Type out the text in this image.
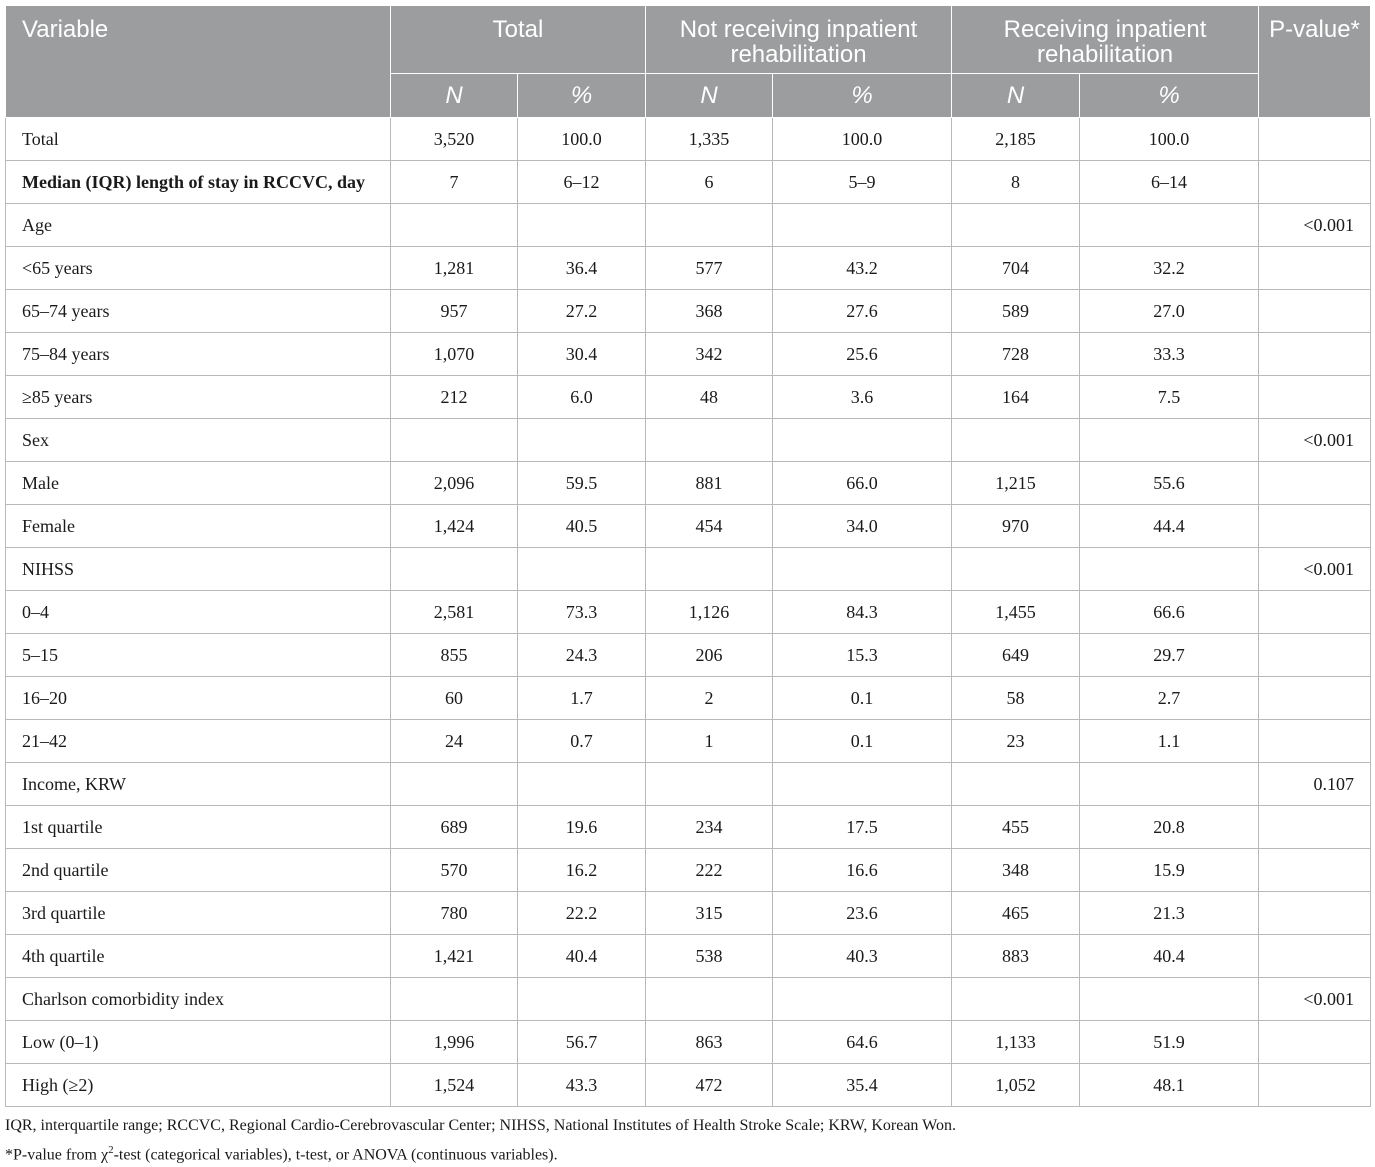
Variable	Total		Not receiving inpatient rehabilitation		Receiving inpatient rehabilitation		P-value*
	N	%	N	%	N	%	
Total	3,520	100.0	1,335	100.0	2,185	100.0	
Median (IQR) length of stay in RCCVC, day	7	6–12	6	5–9	8	6–14	
Age							<0.001
<65 years	1,281	36.4	577	43.2	704	32.2	
65–74 years	957	27.2	368	27.6	589	27.0	
75–84 years	1,070	30.4	342	25.6	728	33.3	
≥85 years	212	6.0	48	3.6	164	7.5	
Sex							<0.001
Male	2,096	59.5	881	66.0	1,215	55.6	
Female	1,424	40.5	454	34.0	970	44.4	
NIHSS							<0.001
0–4	2,581	73.3	1,126	84.3	1,455	66.6	
5–15	855	24.3	206	15.3	649	29.7	
16–20	60	1.7	2	0.1	58	2.7	
21–42	24	0.7	1	0.1	23	1.1	
Income, KRW							0.107
1st quartile	689	19.6	234	17.5	455	20.8	
2nd quartile	570	16.2	222	16.6	348	15.9	
3rd quartile	780	22.2	315	23.6	465	21.3	
4th quartile	1,421	40.4	538	40.3	883	40.4	
Charlson comorbidity index							<0.001
Low (0–1)	1,996	56.7	863	64.6	1,133	51.9	
High (≥2)	1,524	43.3	472	35.4	1,052	48.1	
IQR, interquartile range; RCCVC, Regional Cardio-Cerebrovascular Center; NIHSS, National Institutes of Health Stroke Scale; KRW, Korean Won.
*P-value from $\chi^2$-test (categorical variables), t-test, or ANOVA (continuous variables).
